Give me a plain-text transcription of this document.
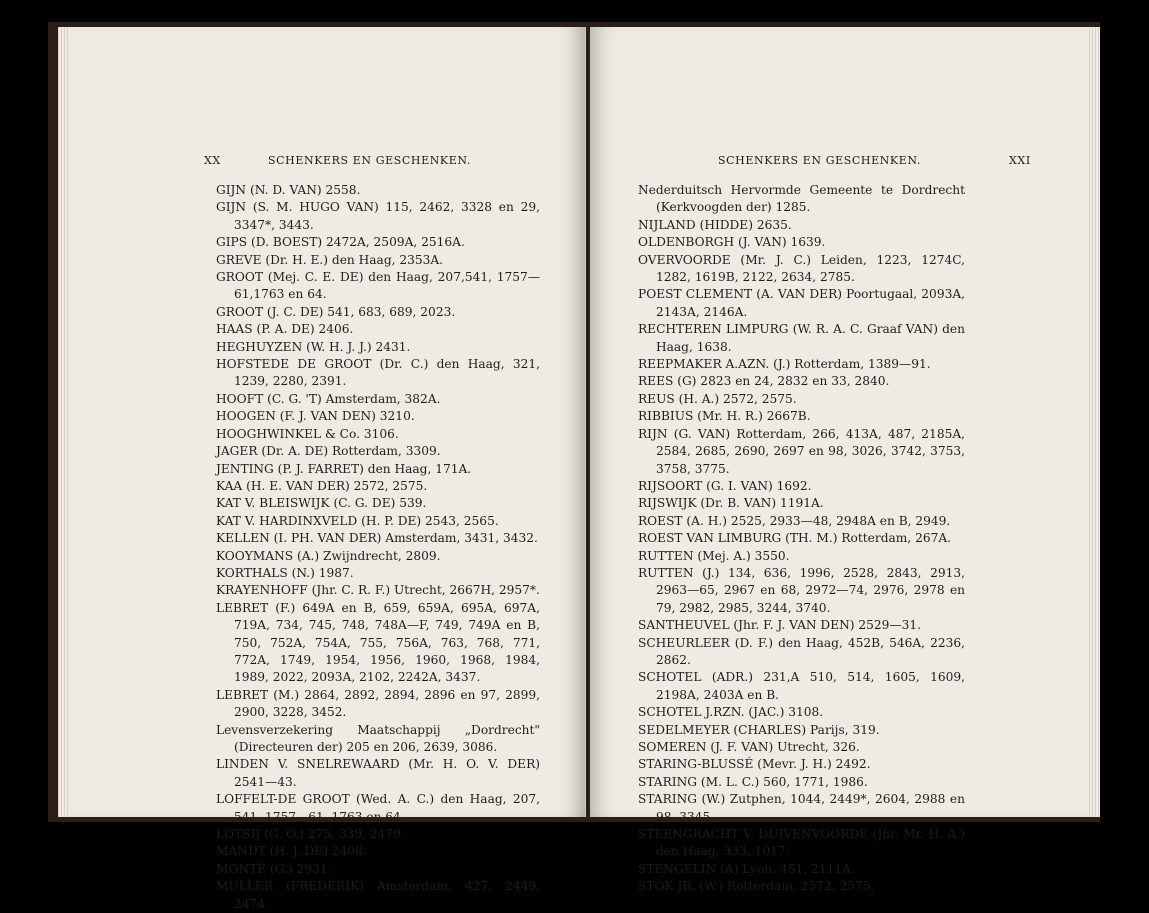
XX	SCHENKERS EN GESCHENKEN.
GIJN (N. D. VAN) 2558.
GIJN (S. M. HUGO VAN) 115, 2462, 3328 en 29, 3347*, 3443.
GIPS (D. BOEST) 2472A, 2509A, 2516A.
GREVE (Dr. H. E.) den Haag, 2353A.
GROOT (Mej. C. E. DE) den Haag, 207,541, 1757—61,1763 en 64.
GROOT (J. C. DE) 541, 683, 689, 2023.
HAAS (P. A. DE) 2406.
HEGHUYZEN (W. H. J. J.) 2431.
HOFSTEDE DE GROOT (Dr. C.) den Haag, 321, 1239, 2280, 2391.
HOOFT (C. G. 'T) Amsterdam, 382A.
HOOGEN (F. J. VAN DEN) 3210.
HOOGHWINKEL & Co. 3106.
JAGER (Dr. A. DE) Rotterdam, 3309.
JENTING (P. J. FARRET) den Haag, 171A.
KAA (H. E. VAN DER) 2572, 2575.
KAT V. BLEISWIJK (C. G. DE) 539.
KAT V. HARDINXVELD (H. P. DE) 2543, 2565.
KELLEN (I. PH. VAN DER) Amsterdam, 3431, 3432.
KOOYMANS (A.) Zwijndrecht, 2809.
KORTHALS (N.) 1987.
KRAYENHOFF (Jhr. C. R. F.) Utrecht, 2667H, 2957*.
LEBRET (F.) 649A en B, 659, 659A, 695A, 697A, 719A, 734, 745, 748, 748A—F, 749, 749A en B, 750, 752A, 754A, 755, 756A, 763, 768, 771, 772A, 1749, 1954, 1956, 1960, 1968, 1984, 1989, 2022, 2093A, 2102, 2242A, 3437.
LEBRET (M.) 2864, 2892, 2894, 2896 en 97, 2899, 2900, 3228, 3452.
Levensverzekering Maatschappij „Dordrecht" (Directeuren der) 205 en 206, 2639, 3086.
LINDEN V. SNELREWAARD (Mr. H. O. V. DER) 2541—43.
LOFFELT-DE GROOT (Wed. A. C.) den Haag, 207, 541, 1757—61, 1763 en 64.
LOTSIJ (G. O.) 275, 339, 2479.
MANDT (H. J. DE) 2408.
MONTÉ (G.) 2931.
MULLER (FREDERIK) Amsterdam, 427, 2449, 2474.
SCHENKERS EN GESCHENKEN.	XXI
Nederduitsch Hervormde Gemeente te Dordrecht (Kerkvoogden der) 1285.
NIJLAND (HIDDE) 2635.
OLDENBORGH (J. VAN) 1639.
OVERVOORDE (Mr. J. C.) Leiden, 1223, 1274C, 1282, 1619B, 2122, 2634, 2785.
POEST CLEMENT (A. VAN DER) Poortugaal, 2093A, 2143A, 2146A.
RECHTEREN LIMPURG (W. R. A. C. Graaf VAN) den Haag, 1638.
REEPMAKER A.AZN. (J.) Rotterdam, 1389—91.
REES (G) 2823 en 24, 2832 en 33, 2840.
REUS (H. A.) 2572, 2575.
RIBBIUS (Mr. H. R.) 2667B.
RIJN (G. VAN) Rotterdam, 266, 413A, 487, 2185A, 2584, 2685, 2690, 2697 en 98, 3026, 3742, 3753, 3758, 3775.
RIJSOORT (G. I. VAN) 1692.
RIJSWIJK (Dr. B. VAN) 1191A.
ROEST (A. H.) 2525, 2933—48, 2948A en B, 2949.
ROEST VAN LIMBURG (TH. M.) Rotterdam, 267A.
RUTTEN (Mej. A.) 3550.
RUTTEN (J.) 134, 636, 1996, 2528, 2843, 2913, 2963—65, 2967 en 68, 2972—74, 2976, 2978 en 79, 2982, 2985, 3244, 3740.
SANTHEUVEL (Jhr. F. J. VAN DEN) 2529—31.
SCHEURLEER (D. F.) den Haag, 452B, 546A, 2236, 2862.
SCHOTEL (ADR.) 231,A 510, 514, 1605, 1609, 2198A, 2403A en B.
SCHOTEL J.RZN. (JAC.) 3108.
SEDELMEYER (CHARLES) Parijs, 319.
SOMEREN (J. F. VAN) Utrecht, 326.
STARING-BLUSSÉ (Mevr. J. H.) 2492.
STARING (M. L. C.) 560, 1771, 1986.
STARING (W.) Zutphen, 1044, 2449*, 2604, 2988 en 98, 3345.
STEENGRACHT V. DUIVENVOORDE (Jhr. Mr. H. A.) den Haag, 333, 1017.
STENGELIN (A) Lyon, 451, 2111A.
STOK JR. (W.) Rotterdam, 2572, 2575.
